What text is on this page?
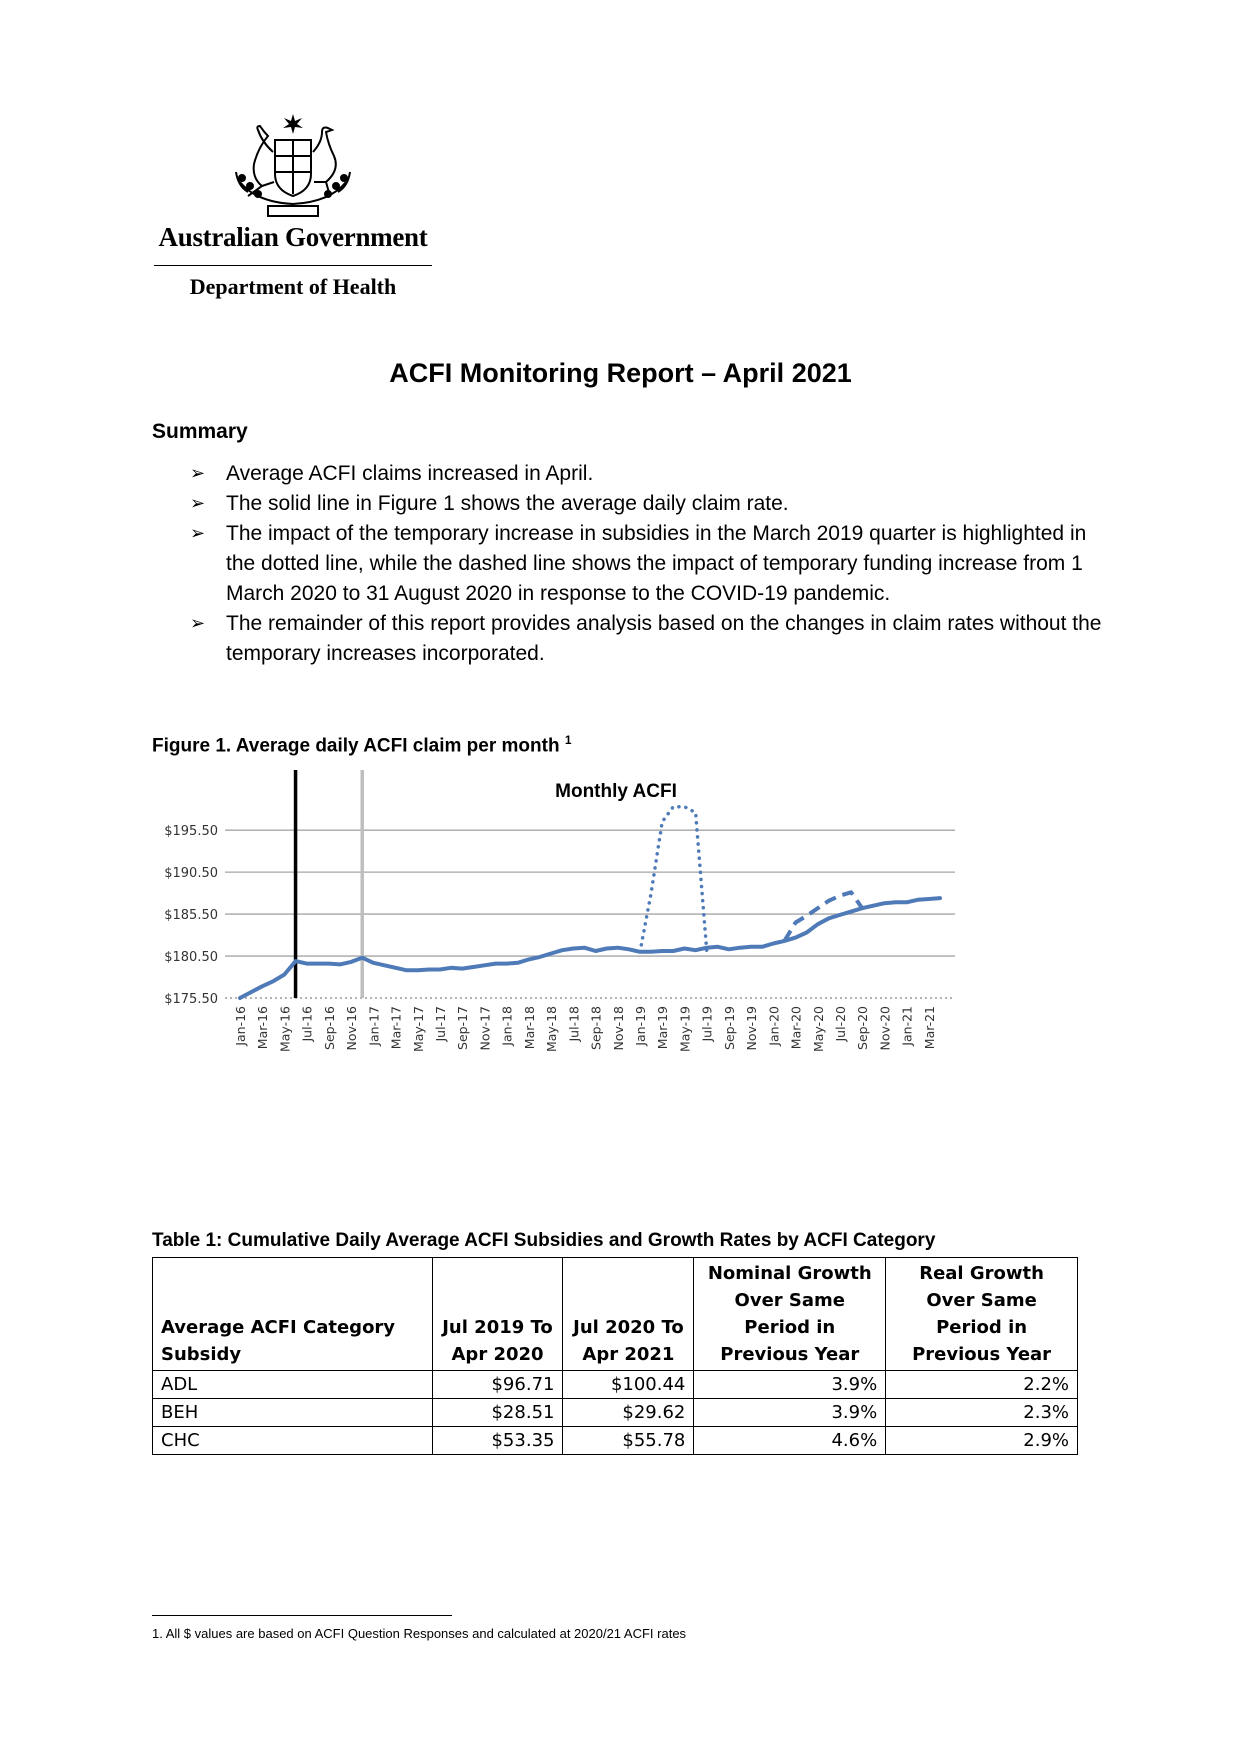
Australian Government
Department of Health
ACFI Monitoring Report – April 2021
Summary
➢ Average ACFI claims increased in April.
➢ The solid line in Figure 1 shows the average daily claim rate.
➢ The impact of the temporary increase in subsidies in the March 2019 quarter is highlighted in the dotted line, while the dashed line shows the impact of temporary funding increase from 1 March 2020 to 31 August 2020 in response to the COVID-19 pandemic.
➢ The remainder of this report provides analysis based on the changes in claim rates without the temporary increases incorporated.
Figure 1. Average daily ACFI claim per month $^1$
Monthly ACFI
$175.50
$180.50
$185.50
$190.50
$195.50
Jan-16 Mar-16 May-16 Jul-16 Sep-16 Nov-16 Jan-17 Mar-17 May-17 Jul-17 Sep-17 Nov-17 Jan-18 Mar-18 May-18 Jul-18 Sep-18 Nov-18 Jan-19 Mar-19 May-19 Jul-19 Sep-19 Nov-19 Jan-20 Mar-20 May-20 Jul-20 Sep-20 Nov-20 Jan-21 Mar-21
Table 1: Cumulative Daily Average ACFI Subsidies and Growth Rates by ACFI Category
Average ACFI Category Subsidy	Jul 2019 To Apr 2020	Jul 2020 To Apr 2021	Nominal Growth Over Same Period in Previous Year	Real Growth Over Same Period in Previous Year
ADL	$96.71	$100.44	3.9%	2.2%
BEH	$28.51	$29.62	3.9%	2.3%
CHC	$53.35	$55.78	4.6%	2.9%
1. All $ values are based on ACFI Question Responses and calculated at 2020/21 ACFI rates
